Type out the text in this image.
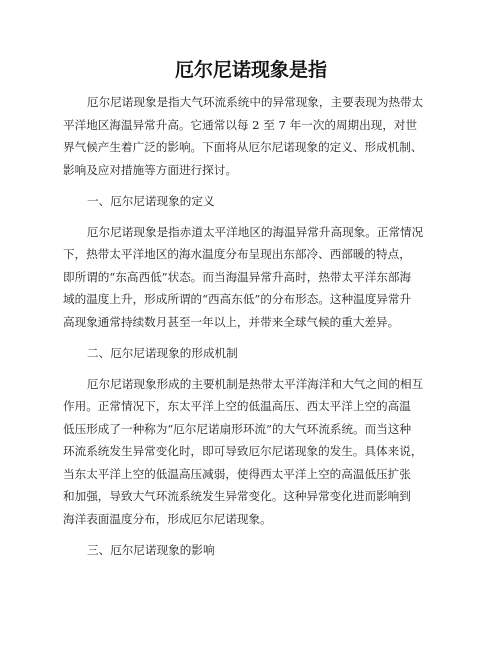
厄尔尼诺现象是指
厄尔尼诺现象是指大气环流系统中的异常现象，主要表现为热带太
平洋地区海温异常升高。它通常以每 2 至 7 年一次的周期出现，对世
界气候产生着广泛的影响。下面将从厄尔尼诺现象的定义、形成机制、
影响及应对措施等方面进行探讨。
一、厄尔尼诺现象的定义
厄尔尼诺现象是指赤道太平洋地区的海温异常升高现象。正常情况
下，热带太平洋地区的海水温度分布呈现出东部冷、西部暖的特点，
即所谓的“东高西低”状态。而当海温异常升高时，热带太平洋东部海
域的温度上升，形成所谓的“西高东低”的分布形态。这种温度异常升
高现象通常持续数月甚至一年以上，并带来全球气候的重大差异。
二、厄尔尼诺现象的形成机制
厄尔尼诺现象形成的主要机制是热带太平洋海洋和大气之间的相互
作用。正常情况下，东太平洋上空的低温高压、西太平洋上空的高温
低压形成了一种称为“厄尔尼诺扇形环流”的大气环流系统。而当这种
环流系统发生异常变化时，即可导致厄尔尼诺现象的发生。具体来说，
当东太平洋上空的低温高压减弱，使得西太平洋上空的高温低压扩张
和加强，导致大气环流系统发生异常变化。这种异常变化进而影响到
海洋表面温度分布，形成厄尔尼诺现象。
三、厄尔尼诺现象的影响
